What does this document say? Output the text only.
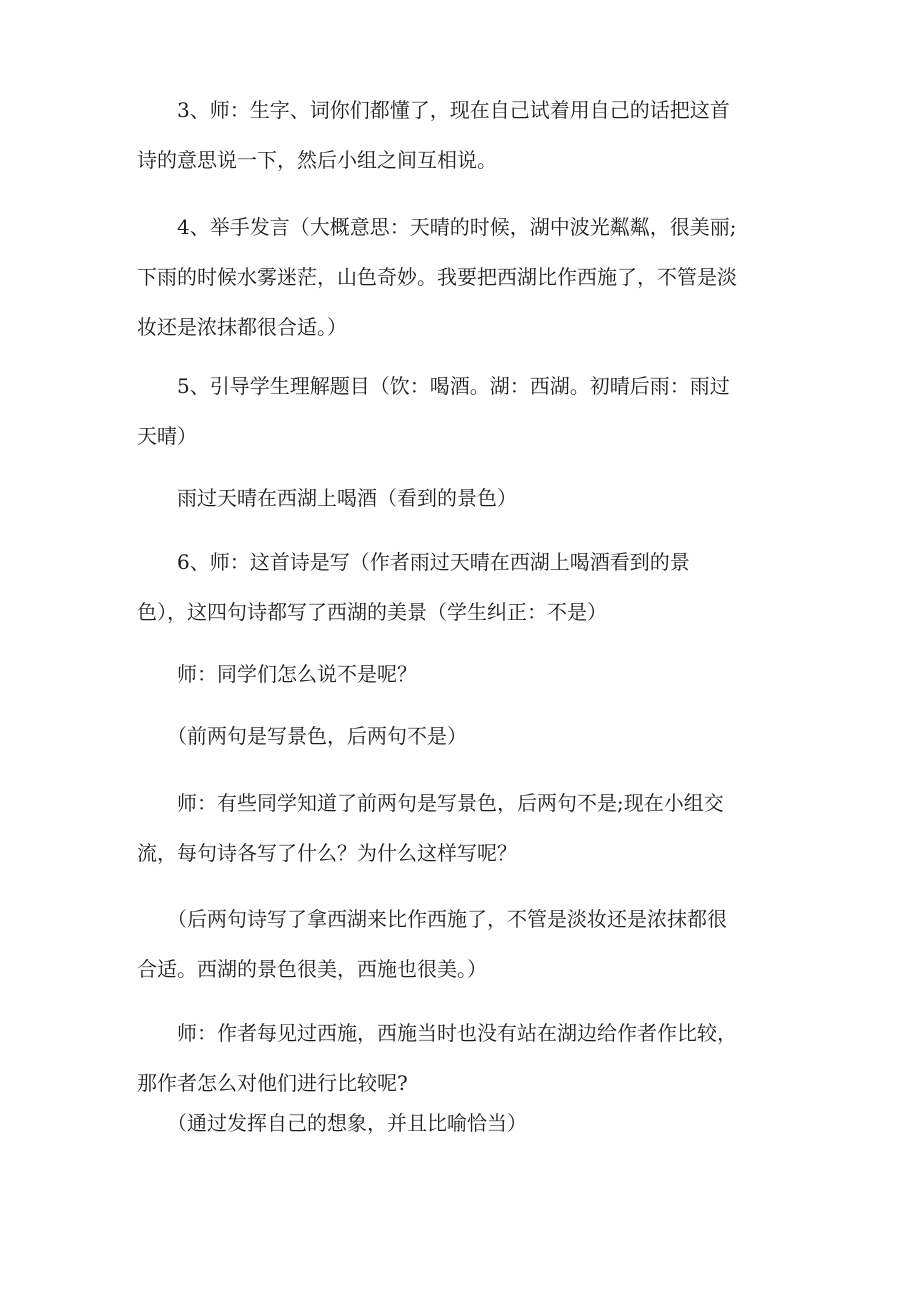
　　3、师：生字、词你们都懂了，现在自己试着用自己的话把这首
诗的意思说一下，然后小组之间互相说。
　　4、举手发言（大概意思：天晴的时候，湖中波光粼粼，很美丽;
下雨的时候水雾迷茫，山色奇妙。我要把西湖比作西施了，不管是淡
妆还是浓抹都很合适。）
　　5、引导学生理解题目（饮：喝酒。湖：西湖。初晴后雨：雨过
天晴）
　　雨过天晴在西湖上喝酒（看到的景色）
　　6、师：这首诗是写（作者雨过天晴在西湖上喝酒看到的景
色），这四句诗都写了西湖的美景（学生纠正：不是）
　　师：同学们怎么说不是呢？
　　（前两句是写景色，后两句不是）
　　师：有些同学知道了前两句是写景色，后两句不是;现在小组交
流，每句诗各写了什么？为什么这样写呢？
　　（后两句诗写了拿西湖来比作西施了，不管是淡妆还是浓抹都很
合适。西湖的景色很美，西施也很美。）
　　师：作者每见过西施，西施当时也没有站在湖边给作者作比较，
那作者怎么对他们进行比较呢?
　　（通过发挥自己的想象，并且比喻恰当）
